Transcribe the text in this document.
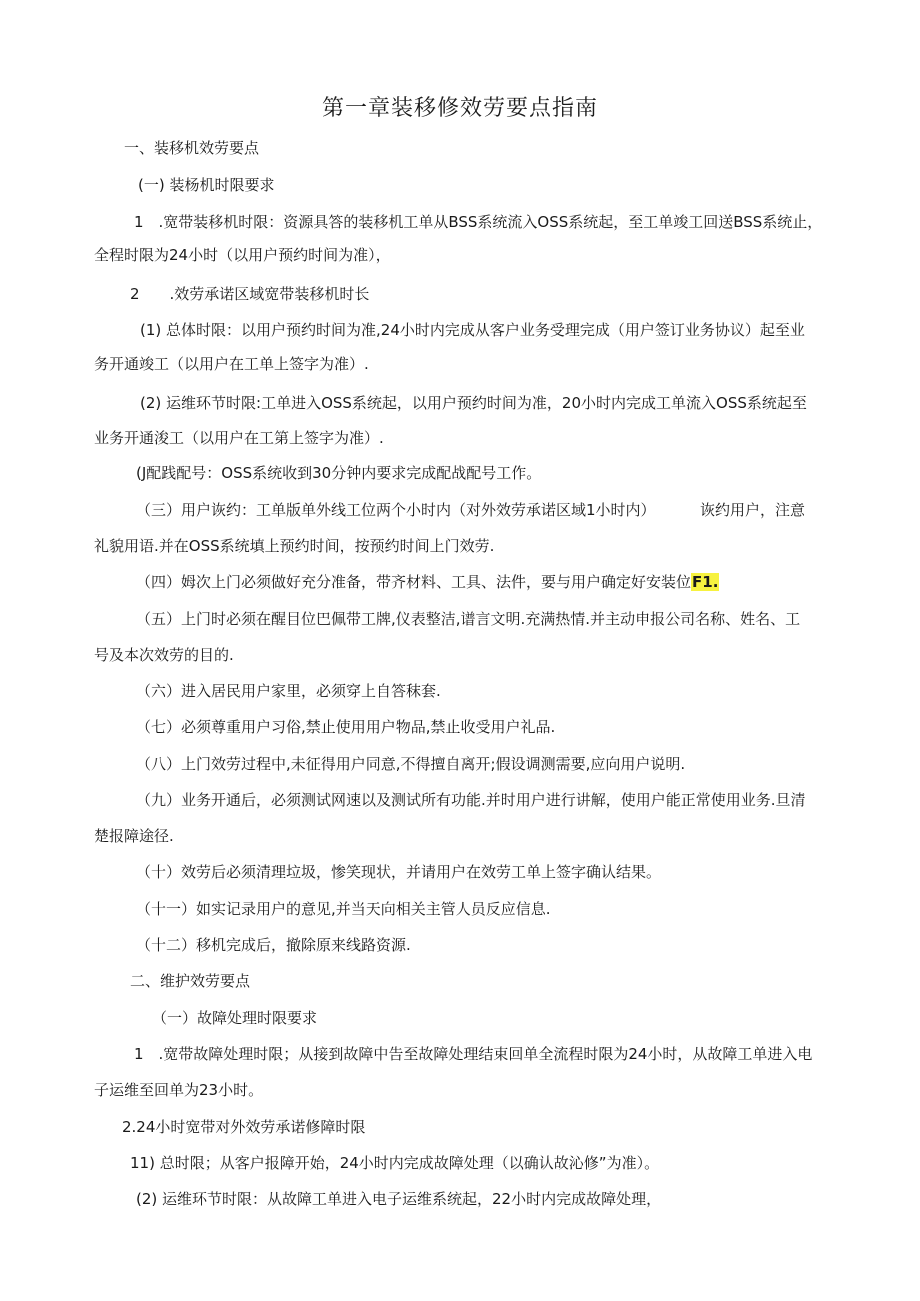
第一章装移修效劳要点指南
一、装移机效劳要点
(一) 装杨机时限要求
1　.宽带装移机时限：资源具答的装移机工单从BSS系统流入OSS系统起，至工单竣工回送BSS系统止，
全程时限为24小时（以用户预约时间为准），
2　　.效劳承诺区域宽带装移机时长
(1) 总体时限：以用户预约时间为准,24小时内完成从客户业务受理完成（用户签订业务协议）起至业
务开通竣工（以用户在工单上签字为准）.
(2) 运维环节时限:工单进入OSS系统起，以用户预约时间为准，20小时内完成工单流入OSS系统起至
业务开通浚工（以用户在工第上签字为准）.
(J配践配号：OSS系统收到30分钟内要求完成配战配号工作。
（三）用户诙约：工单版单外线工位两个小时内（对外效劳承诺区域1小时内）	诙约用户，注意
礼貌用语.并在OSS系统填上预约时间，按预约时间上门效劳.
（四）姆次上门必须做好充分准备，带齐材料、工具、法件，要与用户确定好安装位F1.
（五）上门时必须在醒目位巴佩带工牌,仪表整洁,谱言文明.充满热情.并主动申报公司名称、姓名、工
号及本次效劳的目的.
（六）进入居民用户家里，必须穿上自答秣套.
（七）必须尊重用户习俗,禁止使用用户物品,禁止收受用户礼品.
（八）上门效劳过程中,未征得用户同意,不得擅自离开;假设调测需要,应向用户说明.
（九）业务开通后，必须测试网速以及测试所有功能.并时用户进行讲解，使用户能正常使用业务.旦清
楚报障途径.
（十）效劳后必须清理垃圾，惨笑现状，并请用户在效劳工单上签字确认结果。
（十一）如实记录用户的意见,并当天向相关主管人员反应信息.
（十二）移机完成后，撤除原来线路资源.
二、维护效劳要点
（一）故障处理时限要求
1　.宽带故障处理时限；从接到故障中告至故障处理结束回单全流程时限为24小时，从故障工单进入电
子运维至回单为23小时。
2.24小时宽带对外效劳承诺修障时限
11) 总时限；从客户报障开始，24小时内完成故障处理（以确认故沁修”为准）。
(2) 运维环节时限：从故障工单进入电子运维系统起，22小时内完成故障处理，
